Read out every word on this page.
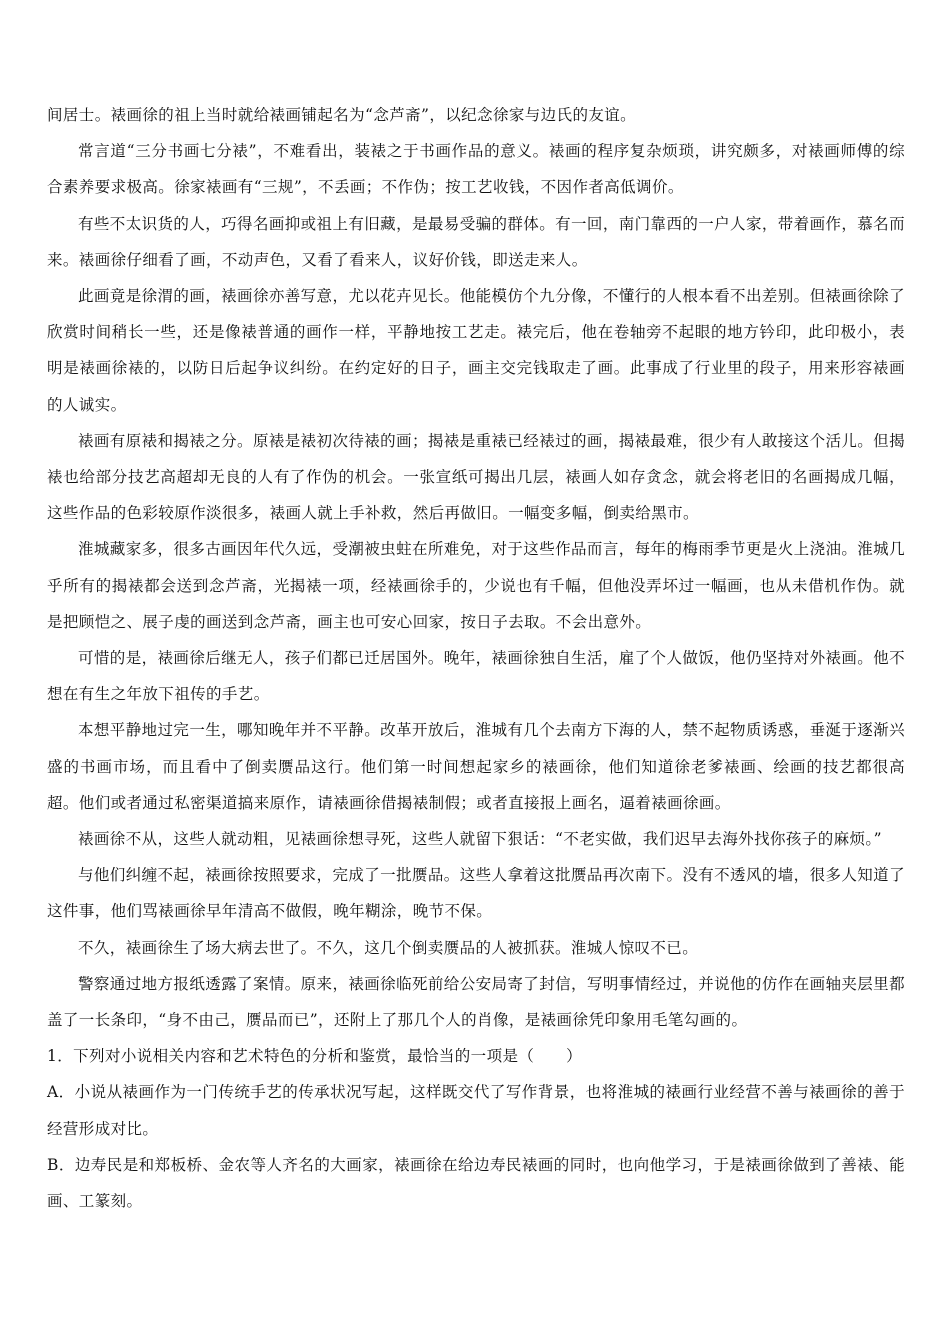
间居士。裱画徐的祖上当时就给裱画铺起名为“念芦斋”，以纪念徐家与边氏的友谊。

常言道“三分书画七分裱”，不难看出，装裱之于书画作品的意义。裱画的程序复杂烦琐，讲究颇多，对裱画师傅的综合素养要求极高。徐家裱画有“三规”，不丢画；不作伪；按工艺收钱，不因作者高低调价。

有些不太识货的人，巧得名画抑或祖上有旧藏，是最易受骗的群体。有一回，南门靠西的一户人家，带着画作，慕名而来。裱画徐仔细看了画，不动声色，又看了看来人，议好价钱，即送走来人。

此画竟是徐渭的画，裱画徐亦善写意，尤以花卉见长。他能模仿个九分像，不懂行的人根本看不出差别。但裱画徐除了欣赏时间稍长一些，还是像裱普通的画作一样，平静地按工艺走。裱完后，他在卷轴旁不起眼的地方钤印，此印极小，表明是裱画徐裱的，以防日后起争议纠纷。在约定好的日子，画主交完钱取走了画。此事成了行业里的段子，用来形容裱画的人诚实。

裱画有原裱和揭裱之分。原裱是裱初次待裱的画；揭裱是重裱已经裱过的画，揭裱最难，很少有人敢接这个活儿。但揭裱也给部分技艺高超却无良的人有了作伪的机会。一张宣纸可揭出几层，裱画人如存贪念，就会将老旧的名画揭成几幅，这些作品的色彩较原作淡很多，裱画人就上手补救，然后再做旧。一幅变多幅，倒卖给黑市。

淮城藏家多，很多古画因年代久远，受潮被虫蛀在所难免，对于这些作品而言，每年的梅雨季节更是火上浇油。淮城几乎所有的揭裱都会送到念芦斋，光揭裱一项，经裱画徐手的，少说也有千幅，但他没弄坏过一幅画，也从未借机作伪。就是把顾恺之、展子虔的画送到念芦斋，画主也可安心回家，按日子去取。不会出意外。

可惜的是，裱画徐后继无人，孩子们都已迁居国外。晚年，裱画徐独自生活，雇了个人做饭，他仍坚持对外裱画。他不想在有生之年放下祖传的手艺。

本想平静地过完一生，哪知晚年并不平静。改革开放后，淮城有几个去南方下海的人，禁不起物质诱惑，垂涎于逐渐兴盛的书画市场，而且看中了倒卖赝品这行。他们第一时间想起家乡的裱画徐，他们知道徐老爹裱画、绘画的技艺都很高超。他们或者通过私密渠道搞来原作，请裱画徐借揭裱制假；或者直接报上画名，逼着裱画徐画。

裱画徐不从，这些人就动粗，见裱画徐想寻死，这些人就留下狠话：“不老实做，我们迟早去海外找你孩子的麻烦。”

与他们纠缠不起，裱画徐按照要求，完成了一批赝品。这些人拿着这批赝品再次南下。没有不透风的墙，很多人知道了这件事，他们骂裱画徐早年清高不做假，晚年糊涂，晚节不保。

不久，裱画徐生了场大病去世了。不久，这几个倒卖赝品的人被抓获。淮城人惊叹不已。

警察通过地方报纸透露了案情。原来，裱画徐临死前给公安局寄了封信，写明事情经过，并说他的仿作在画轴夹层里都盖了一长条印，“身不由己，赝品而已”，还附上了那几个人的肖像，是裱画徐凭印象用毛笔勾画的。

1．下列对小说相关内容和艺术特色的分析和鉴赏，最恰当的一项是（　　）

A．小说从裱画作为一门传统手艺的传承状况写起，这样既交代了写作背景，也将淮城的裱画行业经营不善与裱画徐的善于经营形成对比。

B．边寿民是和郑板桥、金农等人齐名的大画家，裱画徐在给边寿民裱画的同时，也向他学习，于是裱画徐做到了善裱、能画、工篆刻。
